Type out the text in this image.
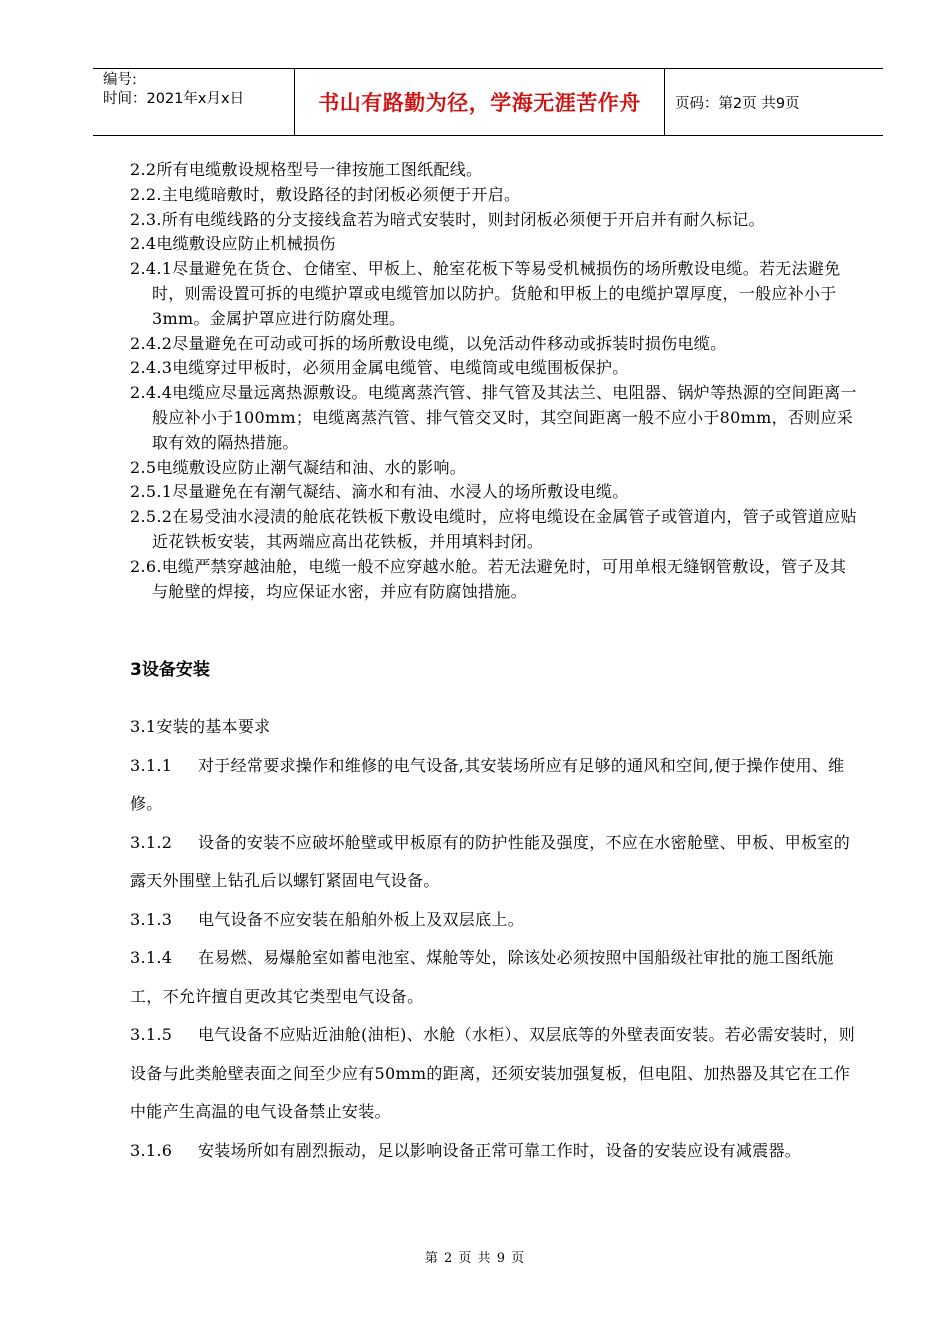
编号:
时间：2021年x月x日	书山有路勤为径，学海无涯苦作舟	页码：第2页 共9页

2.2所有电缆敷设规格型号一律按施工图纸配线。

2.2.主电缆暗敷时，敷设路径的封闭板必须便于开启。

2.3.所有电缆线路的分支接线盒若为暗式安装时，则封闭板必须便于开启并有耐久标记。

2.4电缆敷设应防止机械损伤

2.4.1尽量避免在货仓、仓储室、甲板上、舱室花板下等易受机械损伤的场所敷设电缆。若无法避免时，则需设置可拆的电缆护罩或电缆管加以防护。货舱和甲板上的电缆护罩厚度，一般应补小于3mm。金属护罩应进行防腐处理。

2.4.2尽量避免在可动或可拆的场所敷设电缆，以免活动件移动或拆装时损伤电缆。

2.4.3电缆穿过甲板时，必须用金属电缆管、电缆筒或电缆围板保护。

2.4.4电缆应尽量远离热源敷设。电缆离蒸汽管、排气管及其法兰、电阻器、锅炉等热源的空间距离一般应补小于100mm；电缆离蒸汽管、排气管交叉时，其空间距离一般不应小于80mm，否则应采取有效的隔热措施。

2.5电缆敷设应防止潮气凝结和油、水的影响。

2.5.1尽量避免在有潮气凝结、滴水和有油、水浸人的场所敷设电缆。

2.5.2在易受油水浸渍的舱底花铁板下敷设电缆时，应将电缆设在金属管子或管道内，管子或管道应贴近花铁板安装，其两端应高出花铁板，并用填料封闭。

2.6.电缆严禁穿越油舱，电缆一般不应穿越水舱。若无法避免时，可用单根无缝钢管敷设，管子及其与舱壁的焊接，均应保证水密，并应有防腐蚀措施。

3设备安装

3.1安装的基本要求

3.1.1 对于经常要求操作和维修的电气设备,其安装场所应有足够的通风和空间,便于操作使用、维修。

3.1.2 设备的安装不应破坏舱壁或甲板原有的防护性能及强度，不应在水密舱壁、甲板、甲板室的露天外围壁上钻孔后以螺钉紧固电气设备。

3.1.3 电气设备不应安装在船舶外板上及双层底上。

3.1.4 在易燃、易爆舱室如蓄电池室、煤舱等处，除该处必须按照中国船级社审批的施工图纸施工，不允许擅自更改其它类型电气设备。

3.1.5 电气设备不应贴近油舱(油柜)、水舱（水柜）、双层底等的外壁表面安装。若必需安装时，则设备与此类舱壁表面之间至少应有50mm的距离，还须安装加强复板，但电阻、加热器及其它在工作中能产生高温的电气设备禁止安装。

3.1.6 安装场所如有剧烈振动，足以影响设备正常可靠工作时，设备的安装应设有减震器。

第 2 页 共 9 页
